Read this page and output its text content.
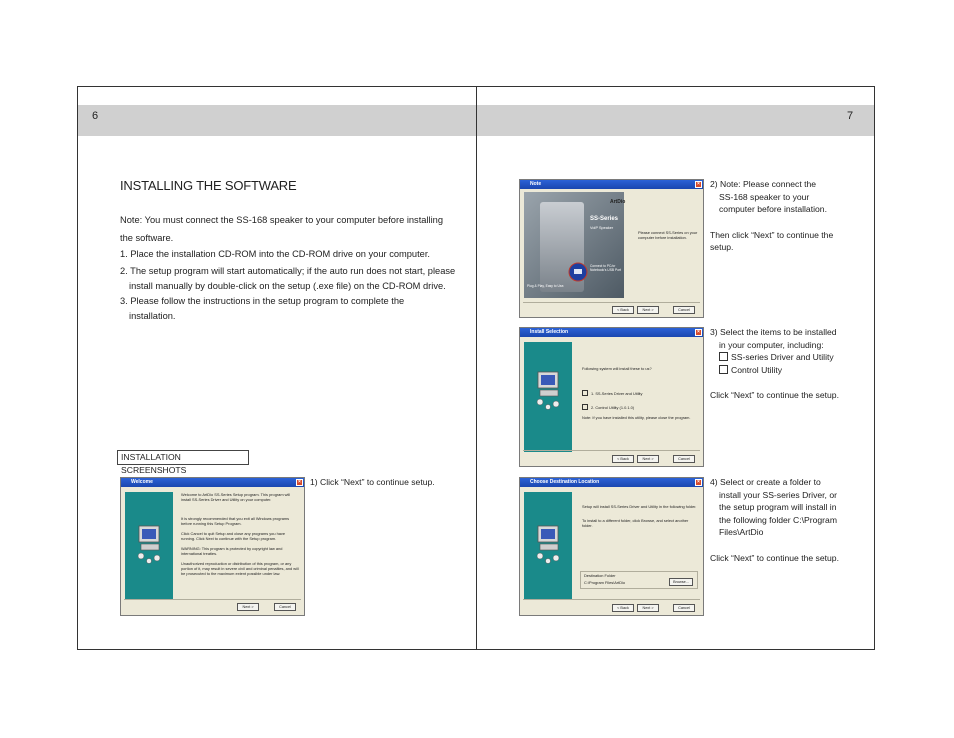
6	7
INSTALLING THE SOFTWARE
Note: You must connect the SS-168 speaker to your computer before installing
the software.
1. Place the installation CD-ROM into the CD-ROM drive on your computer.
2. The setup program will start automatically; if the auto run does not start, please
install manually by double-click on the setup (.exe file) on the CD-ROM drive.
3. Please follow the instructions in the setup program to complete the
installation.
INSTALLATION SCREENSHOTS
1) Click “Next” to continue setup.
Welcome	×
Welcome to ArtDio SS-Series Setup program. This program will install SS-Series Driver and Utility on your computer.
It is strongly recommended that you exit all Windows programs before running this Setup Program.
Click Cancel to quit Setup and close any programs you have running. Click Next to continue with the Setup program.
WARNING: This program is protected by copyright law and international treaties.
Unauthorized reproduction or distribution of this program, or any portion of it, may result in severe civil and criminal penalties, and will be prosecuted to the maximum extent possible under law.
Next >	Cancel
Note	×
Connect to PC/or Notebook's USB Port
Plug & Play, Easy to Use.
ArtDio
SS-Series
VoIP Speaker
Please connect SS-Series on your computer before installation.
< Back	Next >	Cancel
Install Selection	×
Following system will install these to us?
1. SS-Series Driver and Utility
2. Control Utility (1.0.1.0)
Note: If you have installed this utility, please close the program.
< Back	Next >	Cancel
Choose Destination Location	×
Setup will install SS-Series Driver and Utility in the following folder.
To install to a different folder, click Browse, and select another folder.
Destination Folder
C:\Program Files\ArtDio	Browse...
< Back	Next >	Cancel
2) Note: Please connect the
SS-168 speaker to your
computer before installation.
Then click “Next” to continue the
setup.
3) Select the items to be installed
in your computer, including:
SS-series Driver and Utility
Control Utility
Click “Next” to continue the setup.
4) Select or create a folder to
install your SS-series Driver, or
the setup program will install in
the following folder C:\Program
Files\ArtDio
Click “Next” to continue the setup.
